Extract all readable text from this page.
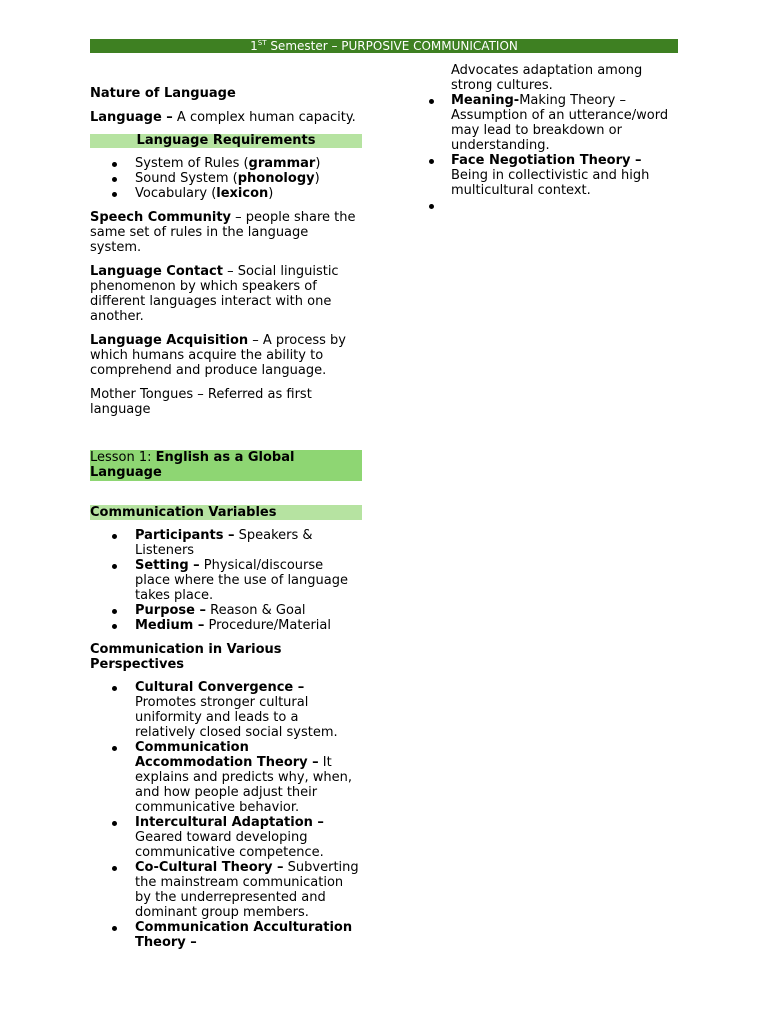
1ST Semester – PURPOSIVE COMMUNICATION

Nature of Language

Language – A complex human capacity.

Language Requirements

System of Rules (grammar)
Sound System (phonology)
Vocabulary (lexicon)

Speech Community – people share the same set of rules in the language system.

Language Contact – Social linguistic phenomenon by which speakers of different languages interact with one another.

Language Acquisition – A process by which humans acquire the ability to comprehend and produce language.

Mother Tongues – Referred as first language

Lesson 1: English as a Global Language

Communication Variables

Participants – Speakers & Listeners
Setting – Physical/discourse place where the use of language takes place.
Purpose – Reason & Goal
Medium – Procedure/Material

Communication in Various Perspectives

Cultural Convergence – Promotes stronger cultural uniformity and leads to a relatively closed social system.
Communication Accommodation Theory – It explains and predicts why, when, and how people adjust their communicative behavior.
Intercultural Adaptation – Geared toward developing communicative competence.
Co-Cultural Theory – Subverting the mainstream communication by the underrepresented and dominant group members.
Communication Acculturation Theory –

Advocates adaptation among strong cultures.

Meaning-Making Theory – Assumption of an utterance/word may lead to breakdown or understanding.
Face Negotiation Theory – Being in collectivistic and high multicultural context.
